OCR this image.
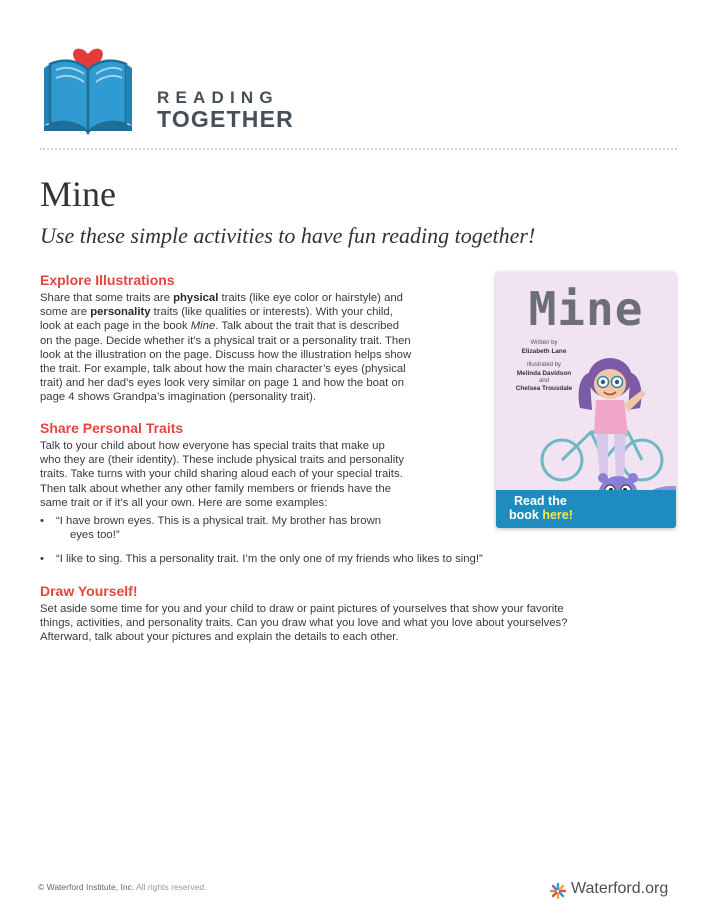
READING
TOGETHER
Mine
Use these simple activities to have fun reading together!
Explore Illustrations
Share that some traits are physical traits (like eye color or hairstyle) and
some are personality traits (like qualities or interests). With your child,
look at each page in the book Mine. Talk about the trait that is described
on the page. Decide whether it’s a physical trait or a personality trait. Then
look at the illustration on the page. Discuss how the illustration helps show
the trait. For example, talk about how the main character’s eyes (physical
trait) and her dad’s eyes look very similar on page 1 and how the boat on
page 4 shows Grandpa’s imagination (personality trait).
Share Personal Traits
Talk to your child about how everyone has special traits that make up
who they are (their identity). These include physical traits and personality
traits. Take turns with your child sharing aloud each of your special traits.
Then talk about whether any other family members or friends have the
same trait or if it’s all your own. Here are some examples:
• “I have brown eyes. This is a physical trait. My brother has brown
eyes too!”
• “I like to sing. This a personality trait. I’m the only one of my friends who likes to sing!”
Draw Yourself!
Set aside some time for you and your child to draw or paint pictures of yourselves that show your favorite
things, activities, and personality traits. Can you draw what you love and what you love about yourselves?
Afterward, talk about your pictures and explain the details to each other.
Mine
Written by
Elizabeth Lane
Illustrated by
Melinda Davidson
and
Chelsea Trousdale
Read the
book here!
© Waterford Institute, Inc. All rights reserved.	Waterford.org
